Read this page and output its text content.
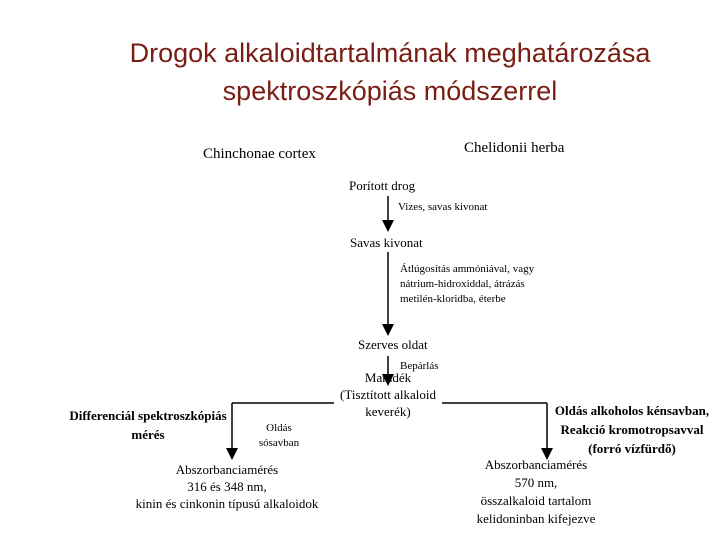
Drogok alkaloidtartalmának meghatározása
spektroszkópiás módszerrel
Chinchonae cortex	Chelidonii herba
Porított drog
Vizes, savas kivonat
Savas kivonat
Átlúgosítás ammóniával, vagy
nátrium-hidroxiddal, átrázás
metilén-kloridba, éterbe
Szerves oldat
Bepárlás
Maradék
(Tisztított alkaloid
keverék)
Differenciál spektroszkópiás
mérés	Oldás
sósavban
Abszorbanciamérés
316 és 348 nm,
kinin és cinkonin típusú alkaloidok
Oldás alkoholos kénsavban,
Reakció kromotropsavval
(forró vízfürdő)
Abszorbanciamérés
570 nm,
összalkaloid tartalom
kelidoninban kifejezve
